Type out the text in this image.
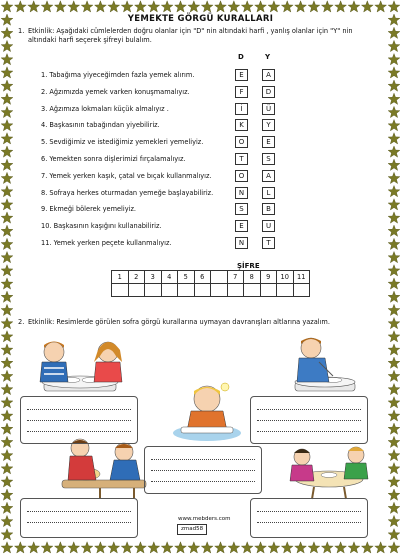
YEMEKTE GÖRGÜ KURALLARI
1. Etkinlik: Aşağıdaki cümlelerden doğru olanlar için "D" nin altındaki harfi , yanlış olanlar için "Y" nin altındaki harfi seçerek şifreyi bulalım.
D	Y
1. Tabağıma yiyeceğimden fazla yemek alırım.	E	A
2. Ağzımızda yemek varken konuşmamalıyız.	F	D
3. Ağzımıza lokmaları küçük almalıyız .	İ	Ü
4. Başkasının tabağından yiyebiliriz.	K	Y
5. Sevdiğimiz ve istediğimiz yemekleri yemeliyiz.	O	E
6. Yemekten sonra dişlerimizi fırçalamalıyız.	T	S
7. Yemek yerken kaşık, çatal ve bıçak kullanmalıyız.	O	A
8. Sofraya herkes oturmadan yemeğe başlayabiliriz.	N	L
9. Ekmeği bölerek yemeliyiz.	S	B
10. Başkasının kaşığını kullanabiliriz.	E	U
11. Yemek yerken peçete kullanmalıyız.	N	T
ŞİFRE
1	2	3	4	5	6		7	8	9	10	11

2. Etkinlik: Resimlerde görülen sofra görgü kurallarına uymayan davranışları altlarına yazalım.
www.mebders.com
zmad58
